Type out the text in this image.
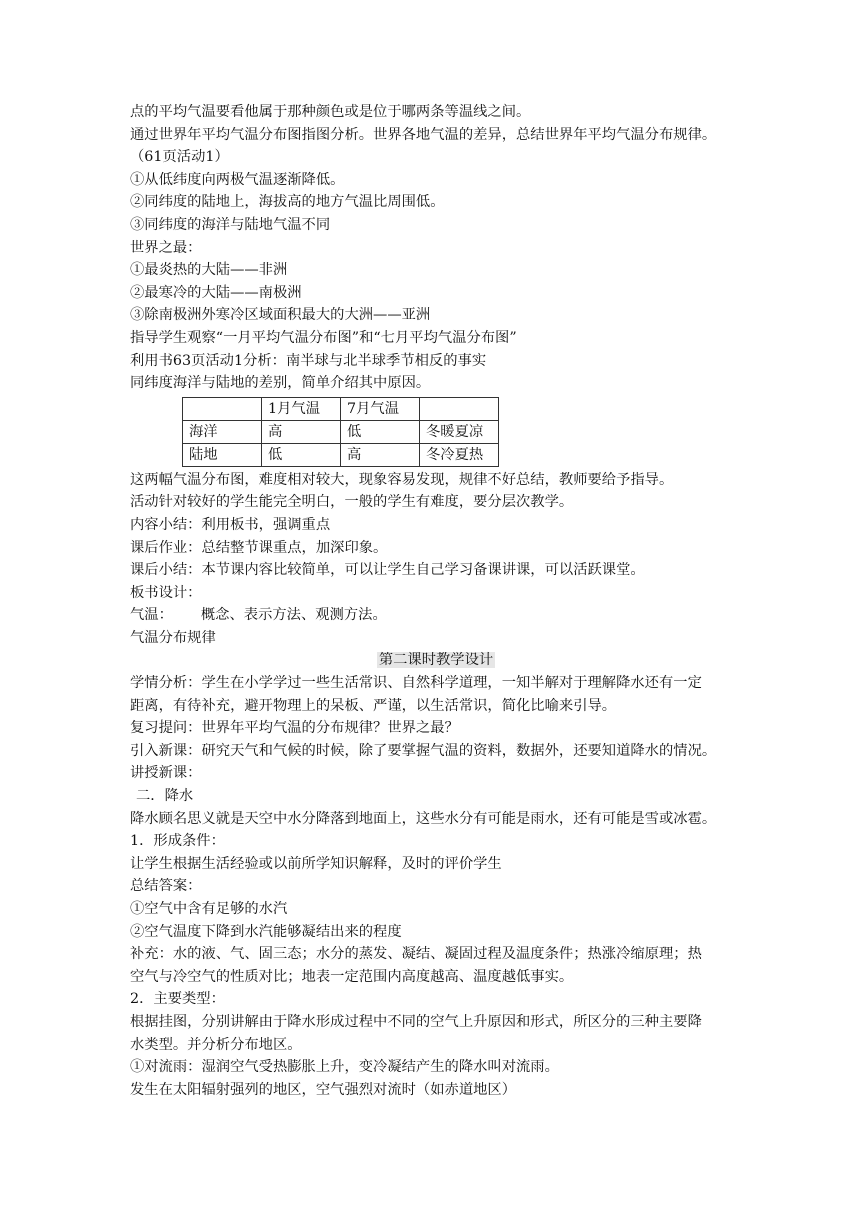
点的平均气温要看他属于那种颜色或是位于哪两条等温线之间。
通过世界年平均气温分布图指图分析。世界各地气温的差异，总结世界年平均气温分布规律。
（61页活动1）
①从低纬度向两极气温逐渐降低。
②同纬度的陆地上，海拔高的地方气温比周围低。
③同纬度的海洋与陆地气温不同
世界之最：
①最炎热的大陆——非洲
②最寒冷的大陆——南极洲
③除南极洲外寒冷区域面积最大的大洲——亚洲
指导学生观察“一月平均气温分布图”和“七月平均气温分布图”
利用书63页活动1分析：南半球与北半球季节相反的事实
同纬度海洋与陆地的差别，简单介绍其中原因。
	1月气温	7月气温	
海洋	高	低	冬暖夏凉
陆地	低	高	冬冷夏热
这两幅气温分布图，难度相对较大，现象容易发现，规律不好总结，教师要给予指导。
活动针对较好的学生能完全明白，一般的学生有难度，要分层次教学。
内容小结：利用板书，强调重点
课后作业：总结整节课重点，加深印象。
课后小结：本节课内容比较简单，可以让学生自己学习备课讲课，可以活跃课堂。
板书设计：
气温： 概念、表示方法、观测方法。
气温分布规律
第二课时教学设计
学情分析：学生在小学学过一些生活常识、自然科学道理，一知半解对于理解降水还有一定
距离，有待补充，避开物理上的呆板、严谨，以生活常识，简化比喻来引导。
复习提问：世界年平均气温的分布规律？世界之最？
引入新课：研究天气和气候的时候，除了要掌握气温的资料，数据外，还要知道降水的情况。
讲授新课：
二．降水
降水顾名思义就是天空中水分降落到地面上，这些水分有可能是雨水，还有可能是雪或冰雹。
1．形成条件：
让学生根据生活经验或以前所学知识解释，及时的评价学生
总结答案：
①空气中含有足够的水汽
②空气温度下降到水汽能够凝结出来的程度
补充：水的液、气、固三态；水分的蒸发、凝结、凝固过程及温度条件；热涨冷缩原理；热
空气与冷空气的性质对比；地表一定范围内高度越高、温度越低事实。
2．主要类型：
根据挂图，分别讲解由于降水形成过程中不同的空气上升原因和形式，所区分的三种主要降
水类型。并分析分布地区。
①对流雨：湿润空气受热膨胀上升，变冷凝结产生的降水叫对流雨。
发生在太阳辐射强列的地区，空气强烈对流时（如赤道地区）
